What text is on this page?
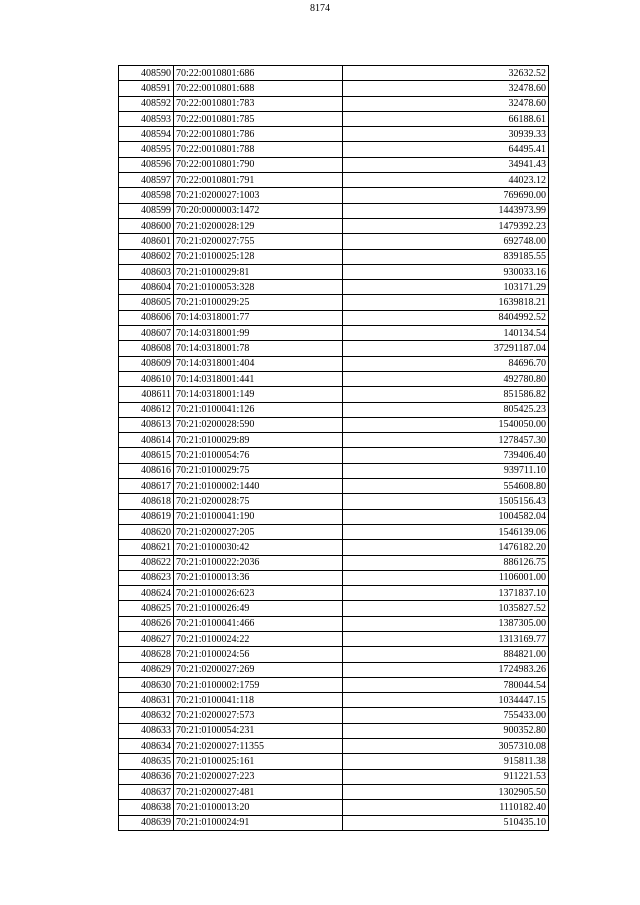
8174
408590	70:22:0010801:686	32632.52
408591	70:22:0010801:688	32478.60
408592	70:22:0010801:783	32478.60
408593	70:22:0010801:785	66188.61
408594	70:22:0010801:786	30939.33
408595	70:22:0010801:788	64495.41
408596	70:22:0010801:790	34941.43
408597	70:22:0010801:791	44023.12
408598	70:21:0200027:1003	769690.00
408599	70:20:0000003:1472	1443973.99
408600	70:21:0200028:129	1479392.23
408601	70:21:0200027:755	692748.00
408602	70:21:0100025:128	839185.55
408603	70:21:0100029:81	930033.16
408604	70:21:0100053:328	103171.29
408605	70:21:0100029:25	1639818.21
408606	70:14:0318001:77	8404992.52
408607	70:14:0318001:99	140134.54
408608	70:14:0318001:78	37291187.04
408609	70:14:0318001:404	84696.70
408610	70:14:0318001:441	492780.80
408611	70:14:0318001:149	851586.82
408612	70:21:0100041:126	805425.23
408613	70:21:0200028:590	1540050.00
408614	70:21:0100029:89	1278457.30
408615	70:21:0100054:76	739406.40
408616	70:21:0100029:75	939711.10
408617	70:21:0100002:1440	554608.80
408618	70:21:0200028:75	1505156.43
408619	70:21:0100041:190	1004582.04
408620	70:21:0200027:205	1546139.06
408621	70:21:0100030:42	1476182.20
408622	70:21:0100022:2036	886126.75
408623	70:21:0100013:36	1106001.00
408624	70:21:0100026:623	1371837.10
408625	70:21:0100026:49	1035827.52
408626	70:21:0100041:466	1387305.00
408627	70:21:0100024:22	1313169.77
408628	70:21:0100024:56	884821.00
408629	70:21:0200027:269	1724983.26
408630	70:21:0100002:1759	780044.54
408631	70:21:0100041:118	1034447.15
408632	70:21:0200027:573	755433.00
408633	70:21:0100054:231	900352.80
408634	70:21:0200027:11355	3057310.08
408635	70:21:0100025:161	915811.38
408636	70:21:0200027:223	911221.53
408637	70:21:0200027:481	1302905.50
408638	70:21:0100013:20	1110182.40
408639	70:21:0100024:91	510435.10
